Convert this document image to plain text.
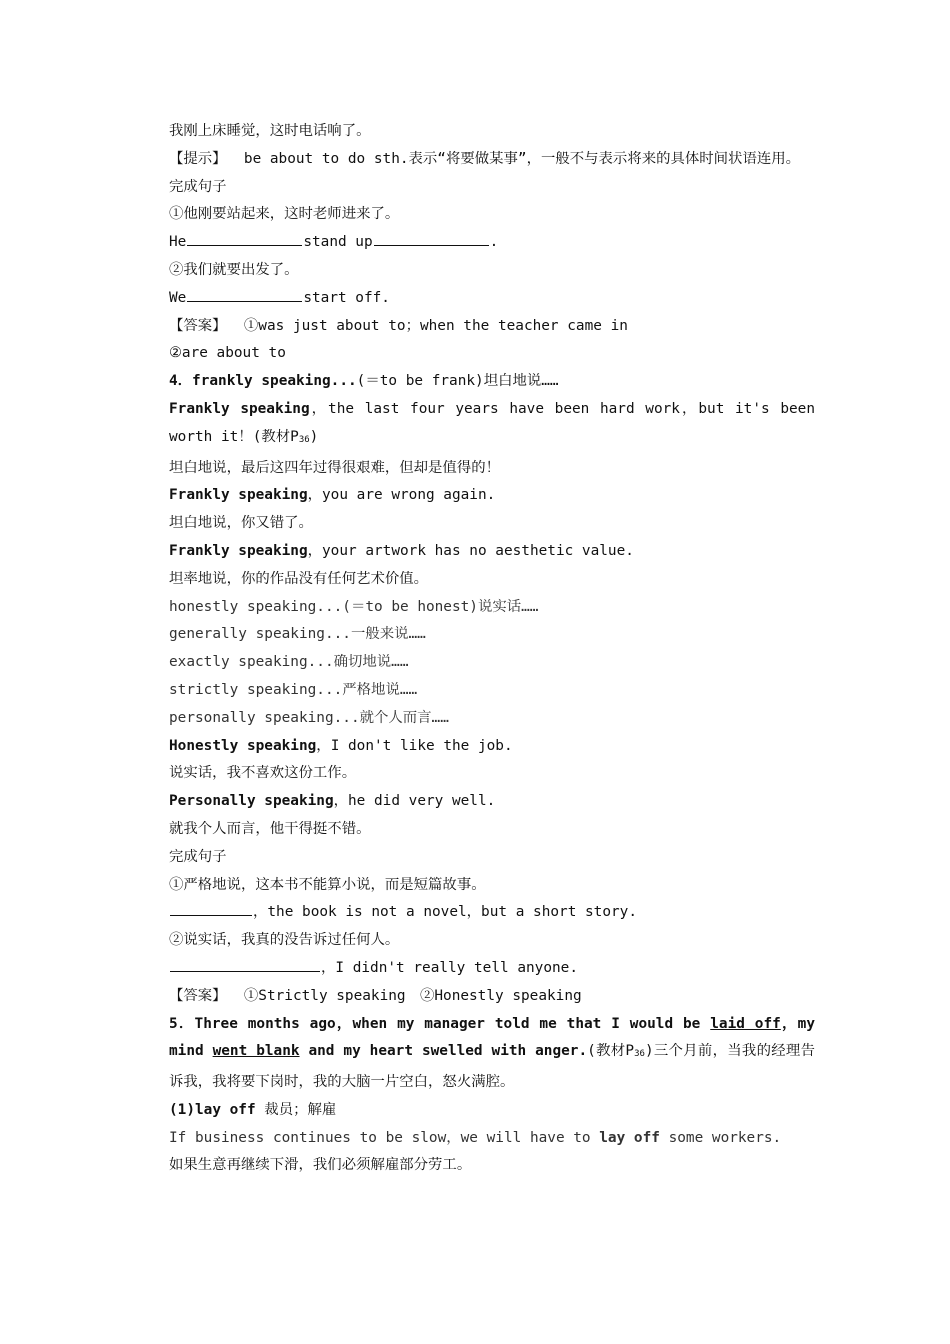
我刚上床睡觉，这时电话响了。
【提示】 be about to do sth.表示“将要做某事”，一般不与表示将来的具体时间状语连用。
完成句子
①他刚要站起来，这时老师进来了。
He	stand up	.
②我们就要出发了。
We	start off.
【答案】 ①was just about to；when the teacher came in
②are about to
4．frankly speaking...(＝to be frank)坦白地说……
Frankly speaking，the last four years have been hard work，but it's been worth it！(教材$P_{36}$)
坦白地说，最后这四年过得很艰难，但却是值得的！
Frankly speaking，you are wrong again.
坦白地说，你又错了。
Frankly speaking，your artwork has no aesthetic value.
坦率地说，你的作品没有任何艺术价值。
honestly speaking...(＝to be honest)说实话……
generally speaking...一般来说……
exactly speaking...确切地说……
strictly speaking...严格地说……
personally speaking...就个人而言……
Honestly speaking，I don't like the job.
说实话，我不喜欢这份工作。
Personally speaking，he did very well.
就我个人而言，他干得挺不错。
完成句子
①严格地说，这本书不能算小说，而是短篇故事。
，the book is not a novel，but a short story.
②说实话，我真的没告诉过任何人。
，I didn't really tell anyone.
【答案】 ①Strictly speaking　②Honestly speaking
5．Three months ago，when my manager told me that I would be laid off，my mind went blank and my heart swelled with anger.(教材$P_{36}$)三个月前，当我的经理告诉我，我将要下岗时，我的大脑一片空白，怒火满腔。
(1)lay off 裁员；解雇
If business continues to be slow，we will have to lay off some workers.
如果生意再继续下滑，我们必须解雇部分劳工。
